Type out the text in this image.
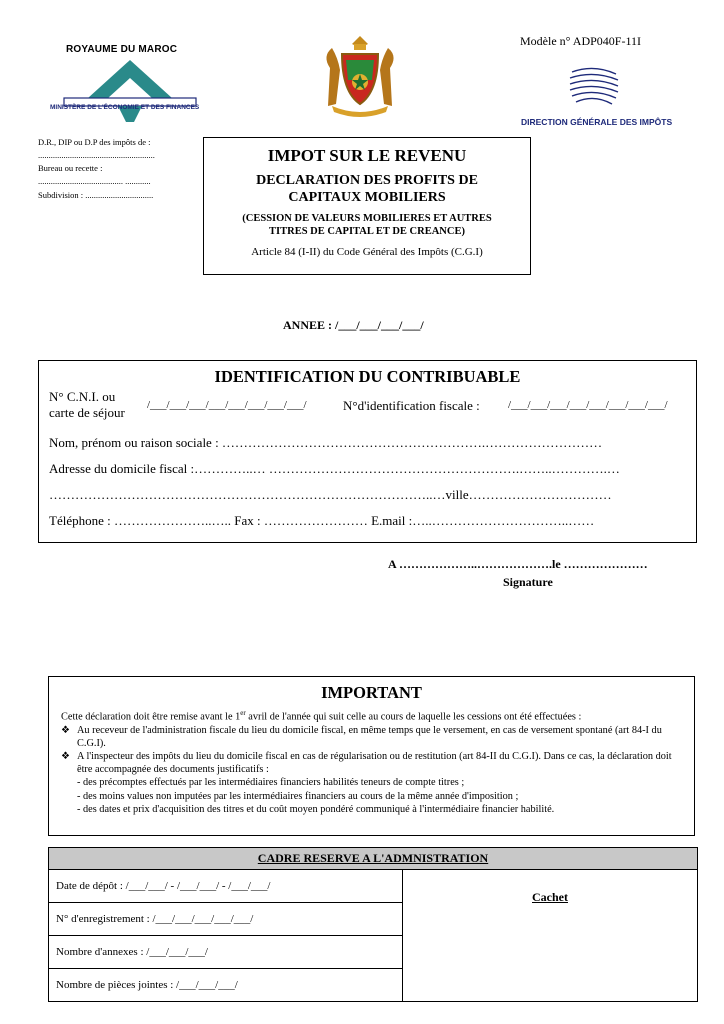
ROYAUME DU MAROC
MINISTÈRE DE L'ÉCONOMIE ET DES FINANCES
Modèle n° ADP040F-11I
DIRECTION GÉNÉRALE DES IMPÔTS
D.R., DIP ou D.P des impôts de :
.......................................................
Bureau ou recette :
........................................ ............
Subdivision : ................................
IMPOT SUR LE REVENU
DECLARATION DES PROFITS DE
CAPITAUX MOBILIERS
(CESSION DE VALEURS MOBILIERES ET AUTRES
TITRES DE CAPITAL ET DE CREANCE)
Article 84 (I-II) du Code Général des Impôts (C.G.I)
ANNEE : /___/___/___/___/
IDENTIFICATION DU CONTRIBUABLE
N° C.N.I. ou
carte de séjour /___/___/___/___/___/___/___/___/	N°d'identification fiscale :	/___/___/___/___/___/___/___/___/
Nom, prénom ou raison sociale : …………………………………………………….………………………
Adresse du domicile fiscal :…………..… ………………………………………………….……..………….…
……………………………………………………………………………..…ville……………………………
Téléphone : …………………..….. Fax : …………………… E.mail :…..…………………………..……
A ………………..……………….le …………………
Signature
IMPORTANT

Cette déclaration doit être remise avant le 1er avril de l'année qui suit celle au cours de laquelle les cessions ont été effectuées :

❖ Au receveur de l'administration fiscale du lieu du domicile fiscal, en même temps que le versement, en cas de versement spontané (art 84-I du C.G.I).
❖ A l'inspecteur des impôts du lieu du domicile fiscal en cas de régularisation ou de restitution (art 84-II du C.G.I). Dans ce cas, la déclaration doit être accompagnée des documents justificatifs :

- des précomptes effectués par les intermédiaires financiers habilités teneurs de compte titres ;

- des moins values non imputées par les intermédiaires financiers au cours de la même année d'imposition ;

- des dates et prix d'acquisition des titres et du coût moyen pondéré communiqué à l'intermédiaire financier habilité.

CADRE RESERVE A L'ADMNISTRATION
Date de dépôt : /___/___/ - /___/___/ - /___/___/	Cachet
N° d'enregistrement : /___/___/___/___/___/
Nombre d'annexes : /___/___/___/
Nombre de pièces jointes : /___/___/___/
